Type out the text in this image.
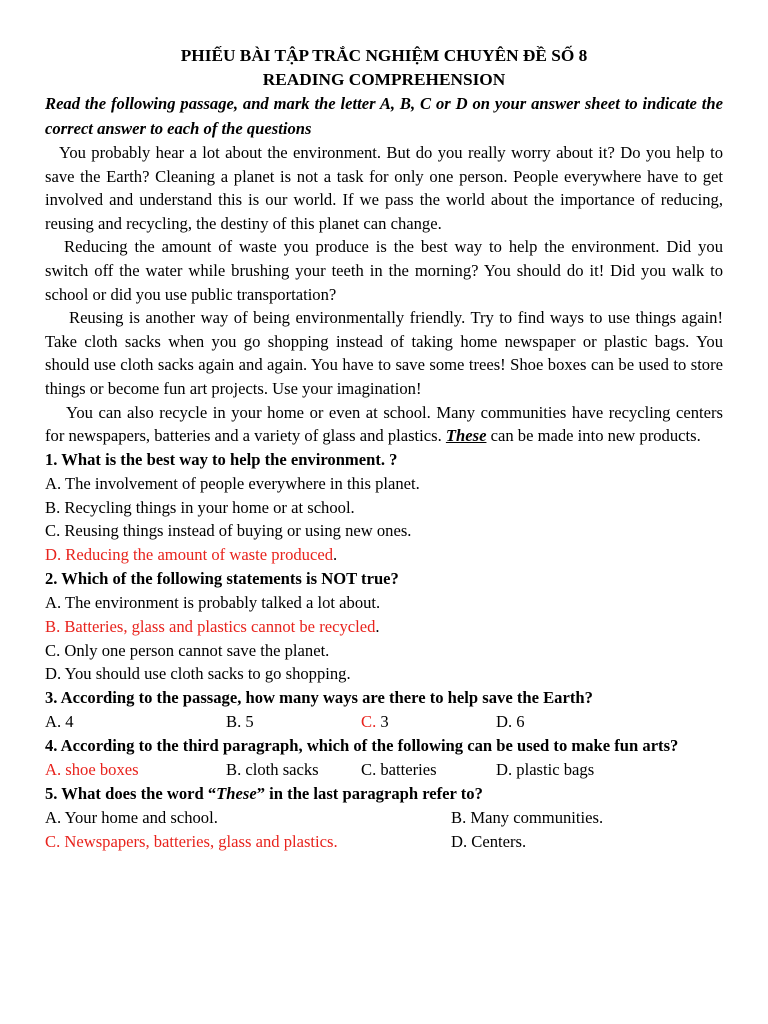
PHIẾU BÀI TẬP TRẮC NGHIỆM CHUYÊN ĐỀ SỐ 8
READING COMPREHENSION
Read the following passage, and mark the letter A, B, C or D on your answer sheet to indicate the correct answer to each of the questions
You probably hear a lot about the environment. But do you really worry about it? Do you help to save the Earth? Cleaning a planet is not a task for only one person. People everywhere have to get involved and understand this is our world. If we pass the world about the importance of reducing, reusing and recycling, the destiny of this planet can change.
Reducing the amount of waste you produce is the best way to help the environment. Did you switch off the water while brushing your teeth in the morning? You should do it! Did you walk to school or did you use public transportation?
Reusing is another way of being environmentally friendly. Try to find ways to use things again! Take cloth sacks when you go shopping instead of taking home newspaper or plastic bags. You should use cloth sacks again and again. You have to save some trees! Shoe boxes can be used to store things or become fun art projects. Use your imagination!
You can also recycle in your home or even at school. Many communities have recycling centers for newspapers, batteries and a variety of glass and plastics. These can be made into new products.
1. What is the best way to help the environment. ?
A. The involvement of people everywhere in this planet.
B. Recycling things in your home or at school.
C. Reusing things instead of buying or using new ones.
D. Reducing the amount of waste produced.
2. Which of the following statements is NOT true?
A. The environment is probably talked a lot about.
B. Batteries, glass and plastics cannot be recycled.
C. Only one person cannot save the planet.
D. You should use cloth sacks to go shopping.
3. According to the passage, how many ways are there to help save the Earth?
A. 4	B. 5	C. 3	D. 6
4. According to the third paragraph, which of the following can be used to make fun arts?
A. shoe boxes	B. cloth sacks	C. batteries	D. plastic bags
5. What does the word “These” in the last paragraph refer to?
A. Your home and school.	B. Many communities.
C. Newspapers, batteries, glass and plastics.	D. Centers.
